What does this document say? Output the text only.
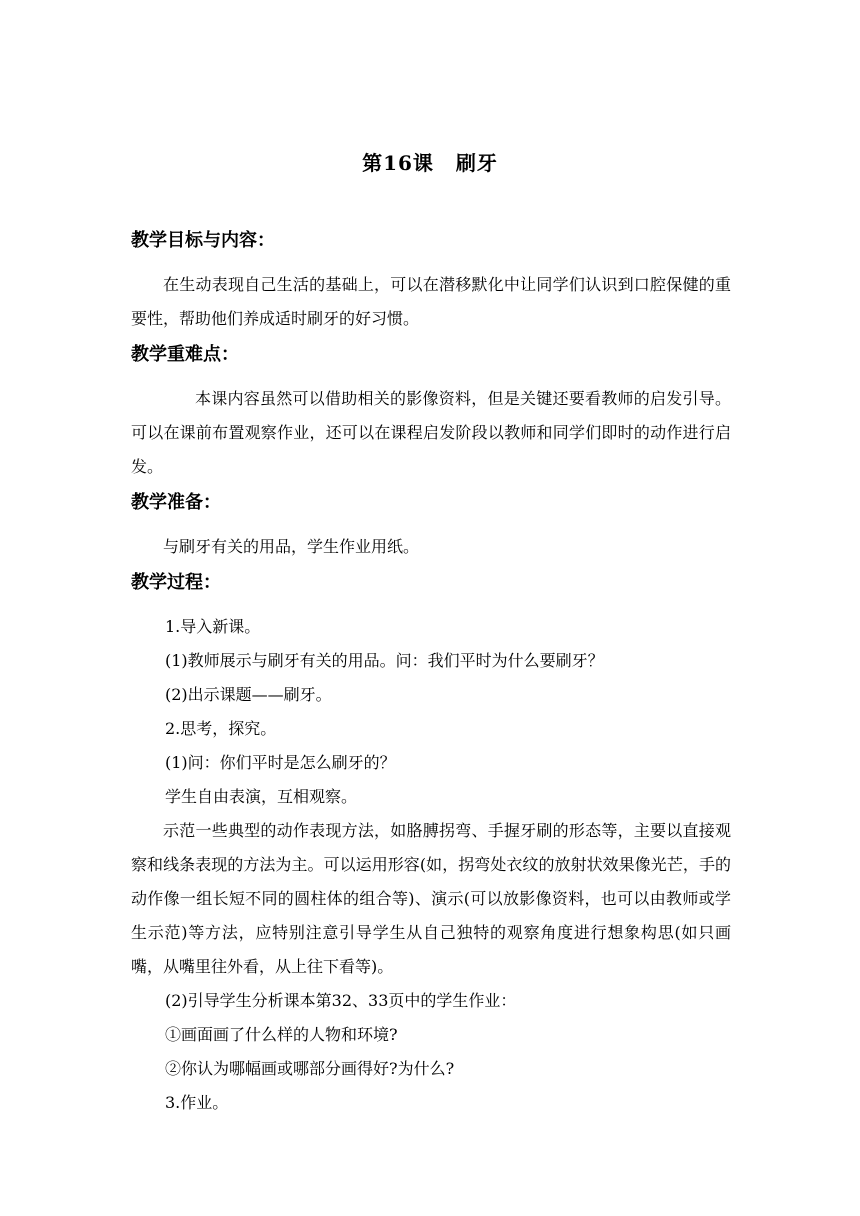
第16课 刷牙
教学目标与内容：

在生动表现自己生活的基础上，可以在潜移默化中让同学们认识到口腔保健的重要性，帮助他们养成适时刷牙的好习惯。

教学重难点：

本课内容虽然可以借助相关的影像资料，但是关键还要看教师的启发引导。可以在课前布置观察作业，还可以在课程启发阶段以教师和同学们即时的动作进行启发。

教学准备：

与刷牙有关的用品，学生作业用纸。

教学过程：

1.导入新课。

(1)教师展示与刷牙有关的用品。问：我们平时为什么要刷牙？

(2)出示课题——刷牙。

2.思考，探究。

(1)问：你们平时是怎么刷牙的？

学生自由表演，互相观察。

示范一些典型的动作表现方法，如胳膊拐弯、手握牙刷的形态等，主要以直接观察和线条表现的方法为主。可以运用形容(如，拐弯处衣纹的放射状效果像光芒，手的动作像一组长短不同的圆柱体的组合等)、演示(可以放影像资料，也可以由教师或学生示范)等方法，应特别注意引导学生从自己独特的观察角度进行想象构思(如只画嘴，从嘴里往外看，从上往下看等)。

(2)引导学生分析课本第32、33页中的学生作业：

①画面画了什么样的人物和环境?

②你认为哪幅画或哪部分画得好?为什么?

3.作业。
